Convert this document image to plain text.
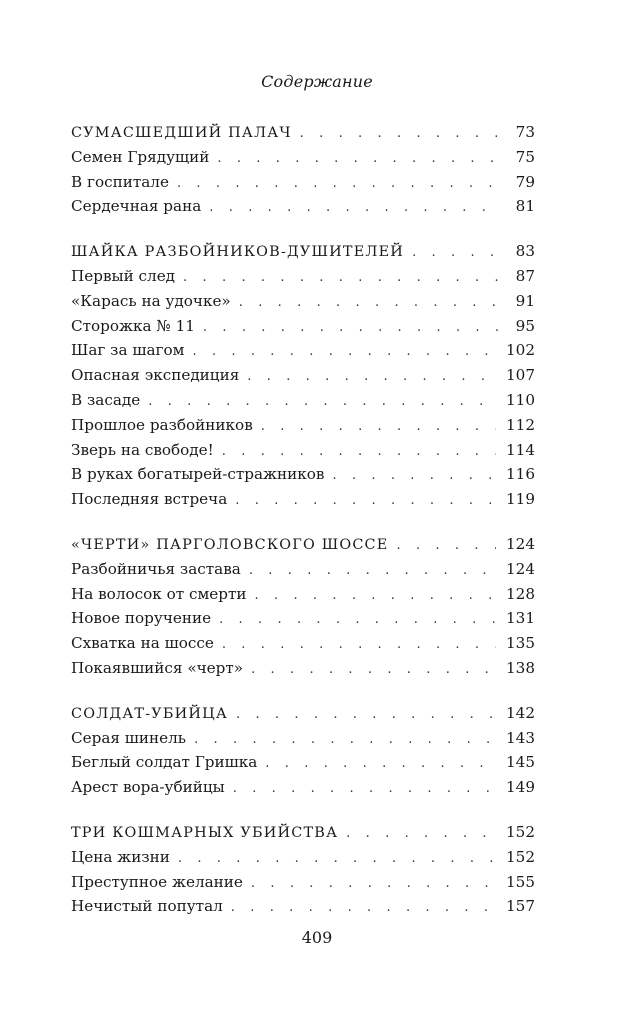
Содержание
СУМАСШЕДШИЙ ПАЛАЧ . . .	73
Семен Грядущий . . .	75
В госпитале . . .	79
Сердечная рана . . .	81
ШАЙКА РАЗБОЙНИКОВ-ДУШИТЕЛЕЙ . . .	83
Первый след . . .	87
«Карась на удочке» . . .	91
Сторожка № 11 . . .	95
Шаг за шагом . . .	102
Опасная экспедиция . . .	107
В засаде . . .	110
Прошлое разбойников . . .	112
Зверь на свободе! . . .	114
В руках богатырей-стражников . . .	116
Последняя встреча . . .	119
«ЧЕРТИ» ПАРГОЛОВСКОГО ШОССЕ . . .	124
Разбойничья застава . . .	124
На волосок от смерти . . .	128
Новое поручение . . .	131
Схватка на шоссе . . .	135
Покаявшийся «черт» . . .	138
СОЛДАТ-УБИЙЦА . . .	142
Серая шинель . . .	143
Беглый солдат Гришка . . .	145
Арест вора-убийцы . . .	149
ТРИ КОШМАРНЫХ УБИЙСТВА . . .	152
Цена жизни . . .	152
Преступное желание . . .	155
Нечистый попутал . . .	157
409
